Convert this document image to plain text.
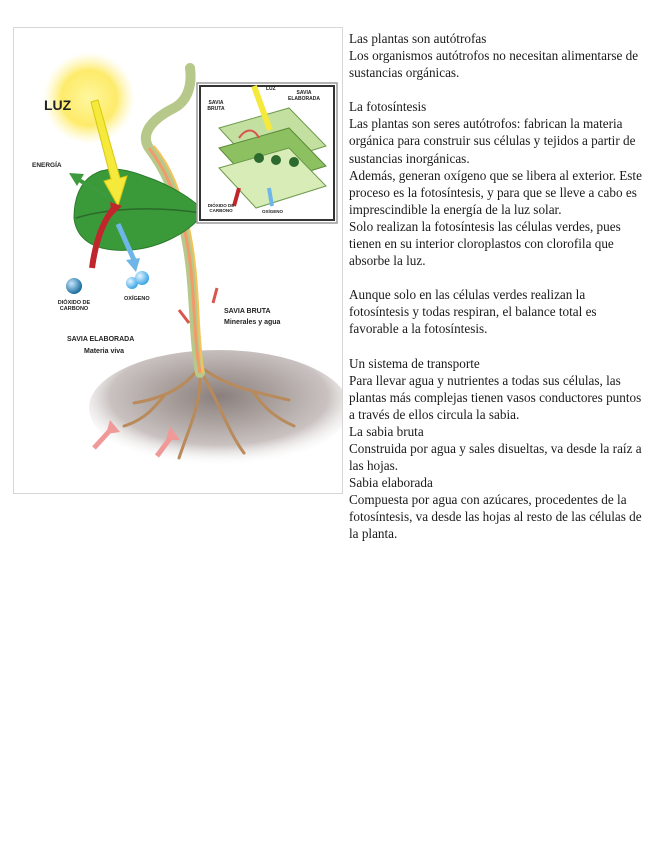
LUZ
ENERGÍA
DIÓXIDO DE CARBONO
OXÍGENO
SAVIA ELABORADA
Materia viva
SAVIA BRUTA
Minerales y agua
LUZ
SAVIA ELABORADA
SAVIA BRUTA
DIÓXIDO DE CARBONO	OXÍGENO

Las plantas son autótrofas

Los organismos autótrofos no necesitan alimentarse de sustancias orgánicas.

La fotosíntesis

Las plantas son seres autótrofos: fabrican la materia orgánica para construir sus células y tejidos a partir de sustancias inorgánicas.

Además, generan oxígeno que se libera al exterior. Este proceso es la fotosíntesis, y para que se lleve a cabo es imprescindible la energía de la luz solar.

Solo realizan la fotosíntesis las células verdes, pues tienen en su interior cloroplastos con clorofila que absorbe la luz.

Aunque solo en las células verdes realizan la fotosíntesis y todas respiran, el balance total es favorable a la fotosíntesis.

Un sistema de transporte

Para llevar agua y nutrientes a todas sus células, las plantas más complejas tienen vasos conductores puntos a través de ellos circula la sabia.

La sabia bruta

Construida por agua y sales disueltas, va desde la raíz a las hojas.

Sabia elaborada

Compuesta por agua con azúcares, procedentes de la fotosíntesis, va desde las hojas al resto de las células de la planta.
